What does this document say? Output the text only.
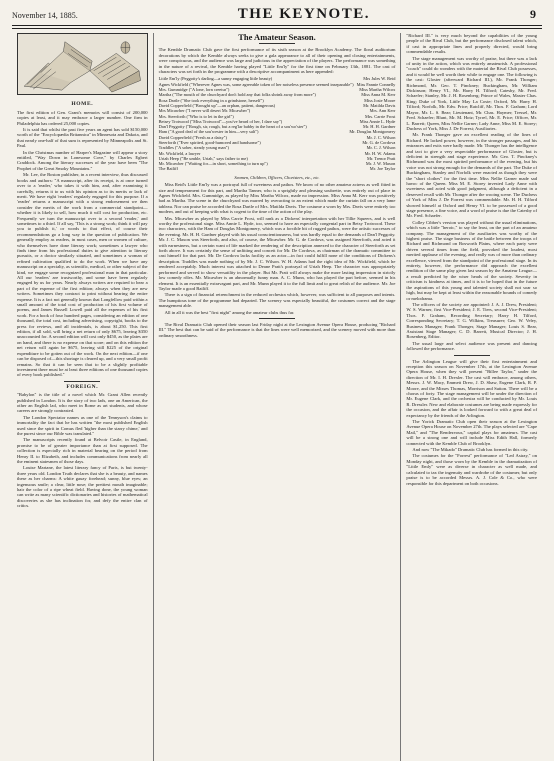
November 14, 1885.	THE KEYNOTE.	9
HOME.

The first edition of Gen. Grant's memoirs will consist of 200,000 copies at least, and it may embrace a larger number. One firm in Philadelphia has ordered 25,000 copies.

It is said that whilst the past five years an agent has sold $150,000 worth of the "Encyclopædia Britannica" in Minnesota and Dakota, and that nearly one-half of that sum is represented by Minneapolis and St. Paul.

In the Christmas number of Harper's Magazine will appear a story entitled, "Way Down in Lonesome Cove," by Charles Egbert Craddock. Among the literary successes of the year have been "The Prophet of the Great Smoky Mountains."

Mr. Lee, the Boston publisher, in a recent interview, thus discussed books and authors: "A manuscript, after its receipt, is at once turned over to a 'reader,' who takes it with him, and, after examining it carefully, returns it to us with his opinion as to its merits or lack of merit. We have eight 'readers' regularly engaged for this purpose. If a 'reader' returns a manuscript with a strong endorsement we then consider the merits of the work from a commercial standpoint—whether it is likely to sell, how much it will cost for production, etc. Frequently we turn the manuscript over to a second 'reader,' and sometimes to a third. If all say, 'This is a strong work; think it will pay you to publish it,' or words to that effect, of course their recommendations go a long way in the question of publication. We generally employ as readers, in most cases, men or women of culture, who themselves have done literary work; sometimes a lawyer who finds time from his professional duties to give attention to literary pursuits, or a doctor similarly situated, and sometimes a woman of refined cultivation qualified to do the work. When we have any manuscript on a specialty, as scientific, medical, or other subject of the kind, we engage some recognized professional man in that particular. All our 'readers' are trustworthy, and some have been regularly engaged by us for years. Nearly always writers are required to bear a part of the expense of the first edition; always when they are new writers. Sometimes they contract to print without bearing the entire expense. It is a fact not generally known that Longfellow paid within a small amount of the total cost of production of his first volume of poems, and James Russell Lowell paid all the expenses of his first work. For a book of four hundred pages, considering an edition of one thousand, the total cost, including advertising, copyright, books to the press for reviews, and all incidentals, is about $1,250. This first edition, if all sold, will bring a net return of only $675, leaving $350 unaccounted for. A second edition will cost only $450, as the plates are on hand, and there is no expense on that score; and on this edition the net return will again be $675, leaving still $225 of the original expenditure to be gotten out of the work. On the next edition—if one can be disposed of—this shortage is cleared up, and a very small profit remains. So that it can be seen that to be a slightly profitable investment there must be at least three editions of one thousand copies of every book published."

FOREIGN.

"Babylon" is the title of a novel which Mr. Grant Allen recently published in London. It is the story of two lads, one an American, the other an English lad, who meet in Rome as art students, and whose careers are strongly contrasted.

The London Spectator names as one of the Tennyson's claims to immortality the fact that he has written "the most published English used since the spirit in Comus fled 'higher than the starry chime,' and the purest since our Bible was translated."

The manuscripts recently found at Belvoir Castle, in England, promise to be of greater importance than at first supposed. The collection is especially rich in material bearing on the period from Henry II. to Elizabeth, and includes communications from nearly all the eminent statesmen of those days.

Louise Martane, the latest literary fancy of Paris, is but twenty-three years old. London Truth declares that she is a beauty, and names these as her charms: A white gauzy forehead; sunny, blue eyes; an ingenuous smile; a clear, little nose; the prettiest mouth imaginable; hair the color of a ripe wheat field. Having done, the young woman can write as many scientific dictionaries and histories of mathematical discoveries as she has inclination for, and defy the entire clan of critics.

The Amateur Season.

The Kemble Dramatic Club gave the first performance of its sixth season at the Brooklyn Academy. The floral auditorium decorations by which the Kemble always seeks to give a gala appearance to all of their opening and closing entertainments, were conspicuous, and the audience was large and judicious in the appreciation of the players. The performance was something in the nature of a revival, the Kemble having played "Little Em'ly" for the first time on February 13th, 1881. The cast of characters was set forth in the programme with a descriptive accompaniment as here appended:

Little Em'ly (Peggotty's darling—a sunny engaging little beauty)	Mrs Jules W. Reid
Agnes Wickfield ("Wherever Agnes was, some agreeable token of her noiseless presence seemed inseparable") Miss Fannie Connelly
Mrs. Gummidge ("A lone, lorn creetur")	Miss Martha Wilcox
Martha ("The mouth of the churchyard don't hold any that folks shrink away from more")	Miss Anna M. Kerr
Rosa Dartle ("She took everything in a grindstone, herself")	Miss Josie Moore
David Copperfield ("Brought up"—an orphan, patient, dangerous)	Mr. Matilda Davis
Mrs Micawber ("I never will desert Mr. Micawber")	Mrs. Ann Kerr
Mrs. Steerforth ("Who is to let in the girl")	Mrs. Carrie Frost
Betsey Trotwood ("Miss Trotwood"—you've heard of her, I dare say")	Miss Annie L. Hyde
Dan'l Peggotty ("Rough, sir, rough, but a reg'lar babby in the heart of a sou'wo'ster")	Mr. H. H. Gardner
Ham ("A good deal of the sou'wester in him—very salt")	Mr. Douglas Montgomery
David Copperfield ("Fresh as a daisy")	Mr. J. C. Wilson
Steerforth ("Ever spirited, good-humored and handsome")	Mr. G. de Cordova
Traddles ("A sober, steady young man")	Mr. C. J. Wilson
Mr. Wickfield, a lawyer	Mr. H. W. Adams
Uriah Heep ("Be umble, Uriah," says father to me)	Mr. Trenor Pratt
Mr. Micawber ("Waiting for—in short, something to turn up")	Mr. J. W. Maxon
The Bailiff	Mr. Joe Taylor
Seamen, Children, Officers, Choristers, etc., etc.

Miss Reid's Little Em'ly was a portrayal full of sweetness and pathos. We know of no other amateur actress as well fitted in size and temperament for this part, and Martha Tanner, who is a sprightly and pleasing soubrette, was entirely out of place in Agnes Wickfield. Mrs. Gummidge, as played by Miss Martha Wilcox, made no impression. Miss Anna M. Kerr was positively bad as Martha. The scene in the churchyard was marred by overacting to an extent which made the curtain fall on a very lame tableau. Nor can praise be accorded the Rosa Dartle of Mrs. Matilda Davis. The costume a worn by Mrs. Davis were entirely too modern, and out of keeping with what is cogent to the time of the action of the play.

Mrs. Micawber as played by Miss Carrie Frost, will rank as a Dickens' interpretation with her Tillie Squeers, and is well worthy the professional stage. Miss Annie L. Hyde, too, seemed to have an especially congenial part in Betsy Trotwood. These two characters, with the Ham of Douglas Montgomery, which was a forcible bit of rugged pathos, were the artistic successes of the evening. Mr. H. H. Gardner played with his usual conscientiousness, but was hardly equal to the demands of Dan'l Peggotty. Mr. J. C. Maxon was Steerforth, and also, of course, the Micawber. Mr. G. de Cordova, was assigned Steerforth, and acted it with earnestness, but a certain want of life marked the rendering of the description annexed to the character of Steerforth as set forth above. It was certainly the sense of unfitting and conceit for Mr. De Cordova, as chairman of the dramatic committee to cast himself for that part. Mr. De Cordova lacks facility as an actor—in fact could fulfill none of the conditions of Dickens's description. Traddles was made nothing of by Mr. J. C. Wilson. W. H. Adams had the right idea of Mr. Wickfield, which he rendered acceptably. Much interest was attached to Deane Pratt's portrayal of Uriah Heep. The character was appropriately performed and served to show versatility in the player. But Mr. Pratt will always make the more lasting impression in strictly low comedy rôles. Mr. Micawber is an abnormally funny man. A. C. Munn, who has played the part before, seemed in his element. It is an essentially extravagant part, and Mr. Munn played it to the full limit and to great relish of the audience. Mr. Joe Taylor made a good Bailiff.

There is a sign of financial retrenchment in the reduced orchestra which, however, was sufficient to all purposes and intents. The humptious tone of the programme had departed. The scenery was especially beautiful, the costumes correct and the stage management able.

All in all it was the best "first night" among the amateur clubs thus far.

The Rival Dramatic Club opened their season last Friday night at the Lexington Avenue Opera House, producing "Richard III." The best that can be said of the performance is that the lines were well memorized, and the scenery moved with more than ordinary smoothness.

"Richard III." is very much beyond the capabilities of the young people of the Rival Club, but the performance disclosed talent which, if cast in appropriate lines and properly directed, would bring commendable results.

The stage management was worthy of praise, but there was a lack of unity in the action, which was entirely amateurish. A professional "coach" could do wonders with the material the Rival Club possesses, and it would be well worth their while to engage one. The following is the cast: Gloster (afterward Richard III.), Mr. Frank Thonger; Richmond, Mr. Geo. T. Pinckney; Buckingham, Mr. William Dickinson; Henry VI., Mr. Harry H. Tilford; Catesby, Mr. Fred. Schaefer; Stanley, Mr. J. H. Rosenberg; Prince of Wales, Master Chas. King; Duke of York, Little May La Coste; Oxford, Mr. Harry H. Tilford; Norfolk, Mr. Edw. Price; Ratcliff, Mr. Thos. F. Graham; Lord Mayor, Mr. L. S. Bear; Lieutenant, Mr. Chas. Haymer; Tressel, Mr. Fred. Schaefer; Blunt, Mr. M. Hotz; Tyrrel, Mr. E. Price; Officer, Mr. L. Barrett; Queen, Miss Nellie Garner; Lady Anne, Miss M. E. Storey; Duchess of York, Miss J. De Forrest; Auxiliaries.

Mr. Frank Thonger gave an excellent reading of the lines of Richard. He lacked power, however, in the stronger passages, and his entrances and exits were badly made. Mr. Thonger has the intelligence and tact to give a very respectable performance of Gloster, but is deficient in strength and stage experience. Mr. Geo. T. Pinckney's Richmond was the most spirited performance of the evening, but his voice was not strong enough for the demands of the part. The Duke of Buckingham, Stanley and Norfolk were enacted as though they were the "short clothes" for the first time. Miss Nellie Garner made sad havoc of the Queen. Miss M. E. Storey invested Lady Anne with sweetness and acted with good judgment, although a deficient in a deserved recall with Mr. Thonger after the wooing scene. The Duchess of York of Miss J. De Forrest was commendable. Mr. H. H. Tilford showed himself at Oxford and Henry VI. to be possessed of a good stage presence, a fine voice, and a word of praise is due the Catesby of Mr. Fred. Schaefer.

Colley Cibber's version was played without the usual eliminations, which was a little "heroic," to say the least, on the part of an amateur company. The management of the auxiliaries was worthy of the highest praise. The stage business of the battle between the troops of Richard and Richmond on Bosworth Plains, where each party were driven several times from the field, provoked the loudest, most merited applause of the evening, and really was of more than ordinary excellence, viewed from the standpoint of the professional stage. In its entirety, however, the performance did approach the excellent rendition of the same play given last season by the Amateur League—a result predicted by the wiser heads of the society. Severity in criticism is kindness at times, and it is to be hoped that in the future the aspirations of this young and talented society shall not soar so high, but may be kept at least within the reasonable bounds of comedy or melodrama.

The officers of the society are appointed: J. A. J. Drew, President; W. S. Warner, first Vice-President; J. E. Tiers, second Vice-President; Thos. F. Graham, Recording Secretary; Harry H. Tilford, Corresponding Secretary; T. G. Wilkins, Treasurer; Geo. W. Veley, Business Manager; Frank Thonger, Stage Manager; Louis S. Bear, Assistant Stage Manager; C. D. Barrett, Musical Director; J. H. Rosenberg, Editor.

The usual large and select audience was present and dancing followed the performance.

The Arlington League will give their first entertainment and reception this season on November 17th, at the Lexington Avenue Opera House, when they will present "Billee Taylor," under the direction of Mr. I. H. Drexler. The cast will embrace, among others, Messrs. J. W. Macy, Emmett Drew, J. D. Shaw, Eugene Clark, R. P. Moore, and the Misses Thomas, Morrison and Sutton. There will be a chorus of forty. The stage management will be under the direction of Mr. Eugene Clark, and the orchestra will be conducted by Mr. Louis R. Dressler. New and elaborate costumes are being made expressly for the occasion, and the affair is looked forward to with a great deal of expectancy by the friends of the Arlington.

The Yorick Dramatic Club open their season at the Lexington Avenue Opera House on November 27th. The plays selected are "Cape Mail," and "The Rendezvous," capital plays for amateurs. The cast will be a strong one and will include Miss Edith Hall, formerly connected with the Kemble Club of Brooklyn.

And now "The Mikado" Dramatic Club has formed in this city.

The costumes for the "Forrest" performance of "Led Astray," on Monday night, and those worn by the Kemble in the dramatization of "Little Emly" were as diverse in character as well made, and calculated to tax the ingenuity and wardrobe of the costumer, but only praise is to be accorded Messrs. A. J. Cole & Co., who were responsible for this department on both occasions.
